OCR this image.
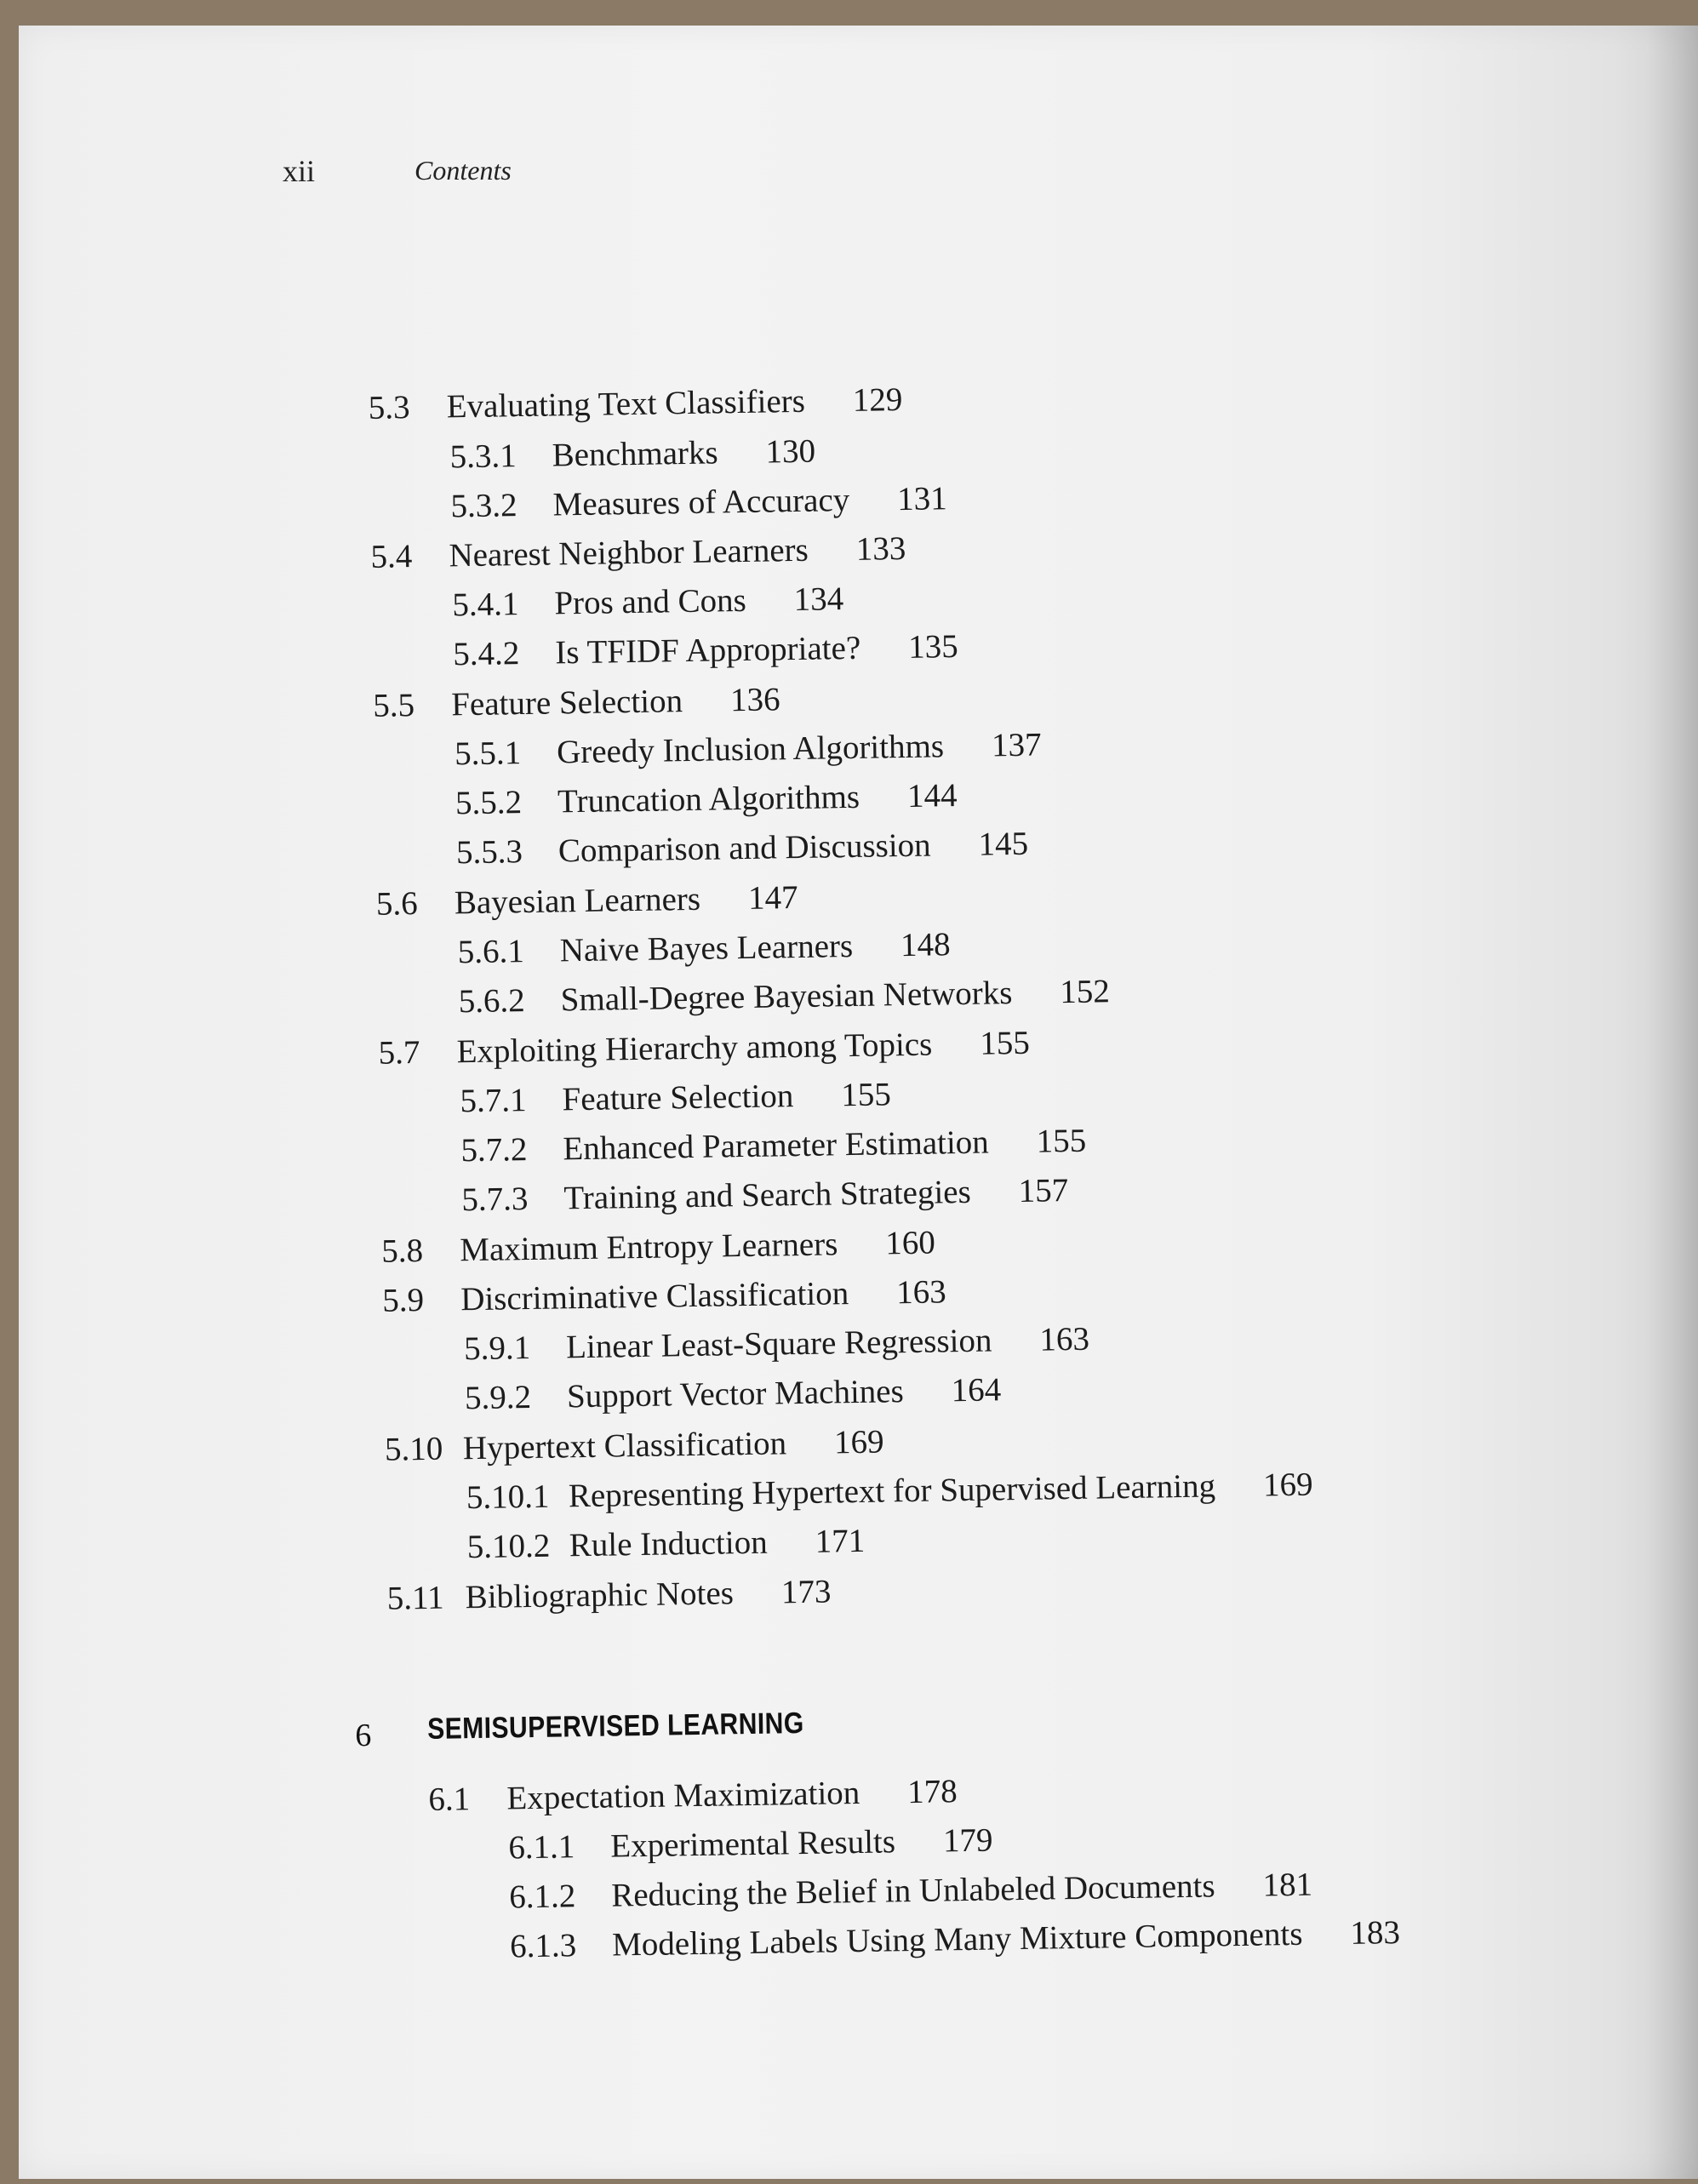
xii	Contents
5.3 Evaluating Text Classifiers 129
5.3.1 Benchmarks 130
5.3.2 Measures of Accuracy 131
5.4 Nearest Neighbor Learners 133
5.4.1 Pros and Cons 134
5.4.2 Is TFIDF Appropriate? 135
5.5 Feature Selection 136
5.5.1 Greedy Inclusion Algorithms 137
5.5.2 Truncation Algorithms 144
5.5.3 Comparison and Discussion 145
5.6 Bayesian Learners 147
5.6.1 Naive Bayes Learners 148
5.6.2 Small-Degree Bayesian Networks 152
5.7 Exploiting Hierarchy among Topics 155
5.7.1 Feature Selection 155
5.7.2 Enhanced Parameter Estimation 155
5.7.3 Training and Search Strategies 157
5.8 Maximum Entropy Learners 160
5.9 Discriminative Classification 163
5.9.1 Linear Least-Square Regression 163
5.9.2 Support Vector Machines 164
5.10 Hypertext Classification 169
5.10.1 Representing Hypertext for Supervised Learning 169
5.10.2 Rule Induction 171
5.11 Bibliographic Notes 173
6 SEMISUPERVISED LEARNING
6.1 Expectation Maximization 178
6.1.1 Experimental Results 179
6.1.2 Reducing the Belief in Unlabeled Documents 181
6.1.3 Modeling Labels Using Many Mixture Components 183
